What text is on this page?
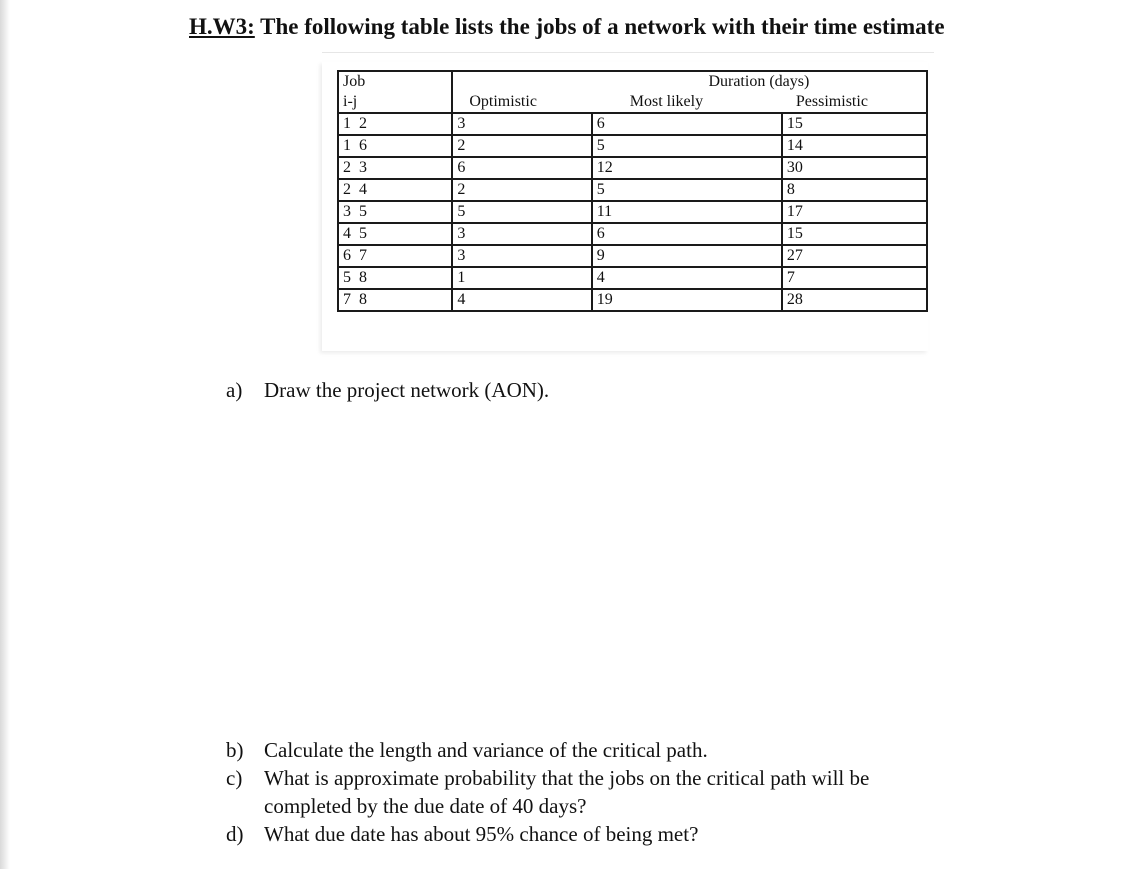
H.W3: The following table lists the jobs of a network with their time estimate
Job		Duration (days)	
i-j	Optimistic	Most likely	Pessimistic
1  2	3	6	15
1  6	2	5	14
2  3	6	12	30
2  4	2	5	8
3  5	5	11	17
4  5	3	6	15
6  7	3	9	27
5  8	1	4	7
7  8	4	19	28
a) Draw the project network (AON).
b) Calculate the length and variance of the critical path.
c) What is approximate probability that the jobs on the critical path will be
completed by the due date of 40 days?
d) What due date has about 95% chance of being met?
